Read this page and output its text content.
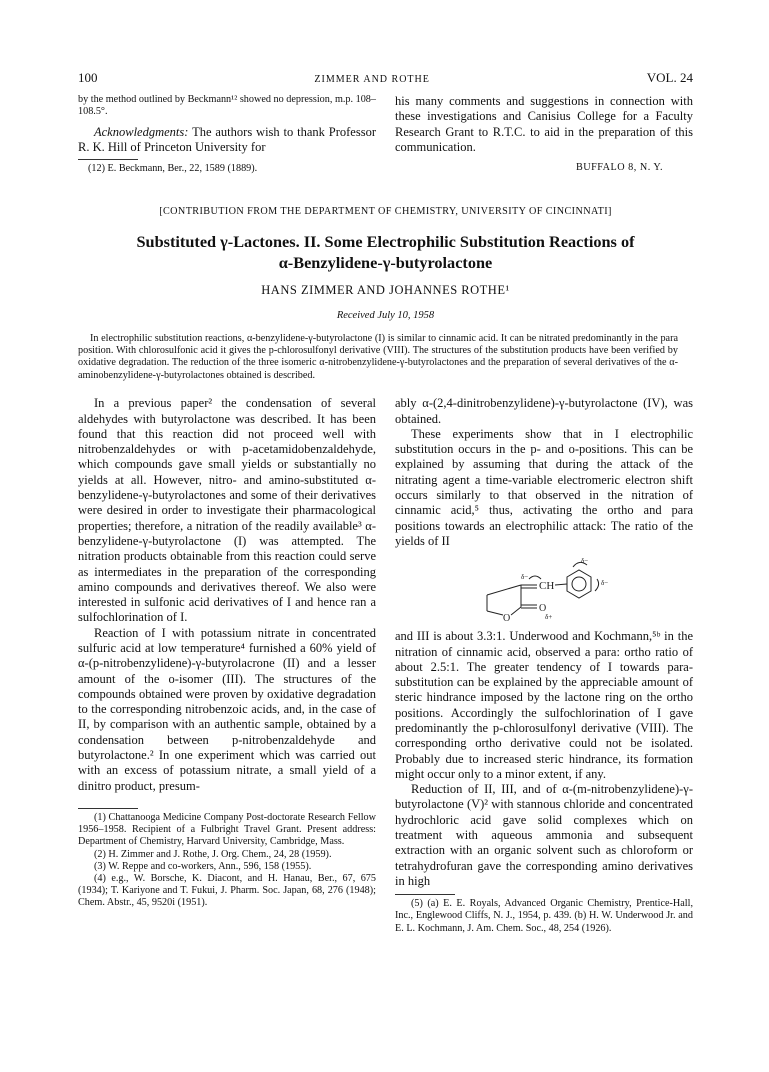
100	ZIMMER AND ROTHE	VOL. 24

by the method outlined by Beckmann¹² showed no depression, m.p. 108–108.5°.

Acknowledgments: The authors wish to thank Professor R. K. Hill of Princeton University for

(12) E. Beckmann, Ber., 22, 1589 (1889).

his many comments and suggestions in connection with these investigations and Canisius College for a Faculty Research Grant to R.T.C. to aid in the preparation of this communication.

BUFFALO 8, N. Y.
[CONTRIBUTION FROM THE DEPARTMENT OF CHEMISTRY, UNIVERSITY OF CINCINNATI]
Substituted γ-Lactones. II. Some Electrophilic Substitution Reactions of
α-Benzylidene-γ-butyrolactone
HANS ZIMMER AND JOHANNES ROTHE¹
Received July 10, 1958

In electrophilic substitution reactions, α-benzylidene-γ-butyrolactone (I) is similar to cinnamic acid. It can be nitrated predominantly in the para position. With chlorosulfonic acid it gives the p-chlorosulfonyl derivative (VIII). The structures of the substitution products have been verified by oxidative degradation. The reduction of the three isomeric α-nitrobenzylidene-γ-butyrolactones and the preparation of several derivatives of the α-aminobenzylidene-γ-butyrolactones obtained is described.

In a previous paper² the condensation of several aldehydes with butyrolactone was described. It has been found that this reaction did not proceed well with nitrobenzaldehydes or with p-acetamidobenzaldehyde, which compounds gave small yields or substantially no yields at all. However, nitro- and amino-substituted α-benzylidene-γ-butyrolactones and some of their derivatives were desired in order to investigate their pharmacological properties; therefore, a nitration of the readily available³ α-benzylidene-γ-butyrolactone (I) was attempted. The nitration products obtainable from this reaction could serve as intermediates in the preparation of the corresponding amino compounds and derivatives thereof. We also were interested in sulfonic acid derivatives of I and hence ran a sulfochlorination of I.

Reaction of I with potassium nitrate in concentrated sulfuric acid at low temperature⁴ furnished a 60% yield of α-(p-nitrobenzylidene)-γ-butyrolacrone (II) and a lesser amount of the o-isomer (III). The structures of the compounds obtained were proven by oxidative degradation to the corresponding nitrobenzoic acids, and, in the case of II, by comparison with an authentic sample, obtained by a condensation between p-nitrobenzaldehyde and butyrolactone.² In one experiment which was carried out with an excess of potassium nitrate, a small yield of a dinitro product, presum-

(1) Chattanooga Medicine Company Post-doctorate Research Fellow 1956–1958. Recipient of a Fulbright Travel Grant. Present address: Department of Chemistry, Harvard University, Cambridge, Mass.

(2) H. Zimmer and J. Rothe, J. Org. Chem., 24, 28 (1959).

(3) W. Reppe and co-workers, Ann., 596, 158 (1955).

(4) e.g., W. Borsche, K. Diacont, and H. Hanau, Ber., 67, 675 (1934); T. Kariyone and T. Fukui, J. Pharm. Soc. Japan, 68, 276 (1948); Chem. Abstr., 45, 9520i (1951).

ably α-(2,4-dinitrobenzylidene)-γ-butyrolactone (IV), was obtained.

These experiments show that in I electrophilic substitution occurs in the p- and o-positions. This can be explained by assuming that during the attack of the nitrating agent a time-variable electromeric electron shift occurs similarly to that observed in the nitration of cinnamic acid,⁵ thus, activating the ortho and para positions towards an electrophilic attack: The ratio of the yields of II

CH
O
O
δ−
δ−
δ−
δ+

and III is about 3.3:1. Underwood and Kochmann,⁵ᵇ in the nitration of cinnamic acid, observed a para: ortho ratio of about 2.5:1. The greater tendency of I towards para-substitution can be explained by the appreciable amount of steric hindrance imposed by the lactone ring on the ortho positions. Accordingly the sulfochlorination of I gave predominantly the p-chlorosulfonyl derivative (VIII). The corresponding ortho derivative could not be isolated. Probably due to increased steric hindrance, its formation might occur only to a minor extent, if any.

Reduction of II, III, and of α-(m-nitrobenzylidene)-γ-butyrolactone (V)² with stannous chloride and concentrated hydrochloric acid gave solid complexes which on treatment with aqueous ammonia and subsequent extraction with an organic solvent such as chloroform or tetrahydrofuran gave the corresponding amino derivatives in high

(5) (a) E. E. Royals, Advanced Organic Chemistry, Prentice-Hall, Inc., Englewood Cliffs, N. J., 1954, p. 439. (b) H. W. Underwood Jr. and E. L. Kochmann, J. Am. Chem. Soc., 48, 254 (1926).
